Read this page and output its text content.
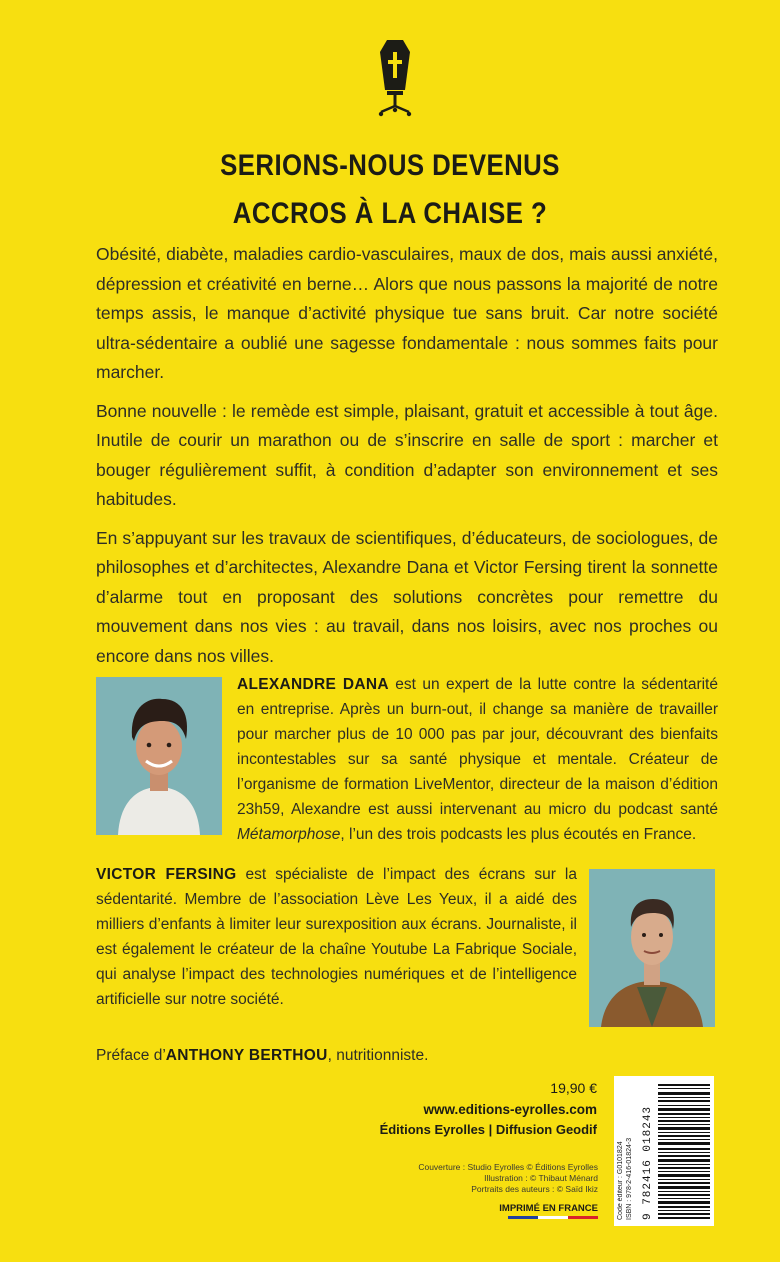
SERIONS-NOUS DEVENUS
ACCROS À LA CHAISE ?

Obésité, diabète, maladies cardio-vasculaires, maux de dos, mais aussi anxiété, dépression et créativité en berne… Alors que nous passons la majorité de notre temps assis, le manque d’activité physique tue sans bruit. Car notre société ultra-sédentaire a oublié une sagesse fondamentale : nous sommes faits pour marcher.

Bonne nouvelle : le remède est simple, plaisant, gratuit et accessible à tout âge. Inutile de courir un marathon ou de s’inscrire en salle de sport : marcher et bouger régulièrement suffit, à condition d’adapter son environnement et ses habitudes.

En s’appuyant sur les travaux de scientifiques, d’éducateurs, de sociologues, de philosophes et d’architectes, Alexandre Dana et Victor Fersing tirent la sonnette d’alarme tout en proposant des solutions concrètes pour remettre du mouvement dans nos vies : au travail, dans nos loisirs, avec nos proches ou encore dans nos villes.

ALEXANDRE DANA est un expert de la lutte contre la sédentarité en entreprise. Après un burn-out, il change sa manière de travailler pour marcher plus de 10 000 pas par jour, découvrant des bienfaits incontestables sur sa santé physique et mentale. Créateur de l’organisme de formation LiveMentor, directeur de la maison d’édition 23h59, Alexandre est aussi intervenant au micro du podcast santé Métamorphose, l’un des trois podcasts les plus écoutés en France.

VICTOR FERSING est spécialiste de l’impact des écrans sur la sédentarité. Membre de l’association Lève Les Yeux, il a aidé des milliers d’enfants à limiter leur surexposition aux écrans. Journaliste, il est également le créateur de la chaîne Youtube La Fabrique Sociale, qui analyse l’impact des technologies numériques et de l’intelligence artificielle sur notre société.

Préface d’ANTHONY BERTHOU, nutritionniste.
19,90 €
www.editions-eyrolles.com
Éditions Eyrolles | Diffusion Geodif
Couverture : Studio Eyrolles © Éditions Eyrolles
Illustration : © Thibaut Ménard
Portraits des auteurs : © Saïd Ikiz
IMPRIMÉ EN FRANCE	Code éditeur : G0101824 ISBN : 978-2-416-01824-3 9 782416 018243
